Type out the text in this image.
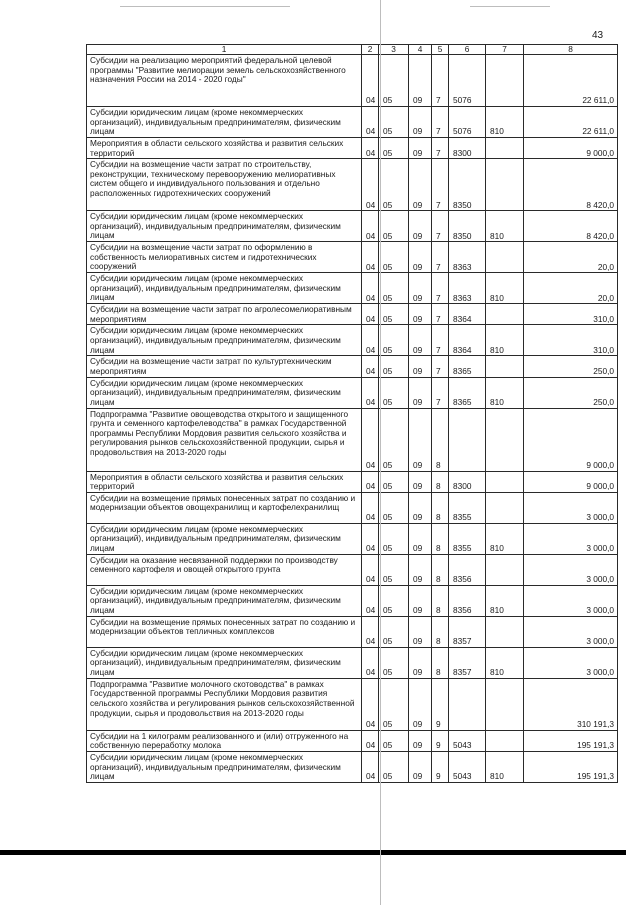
43
1	2	3	4	5	6	7	8
Субсидии на реализацию мероприятий федеральной целевой программы "Развитие мелиорации земель сельскохозяйственного назначения России на 2014 - 2020 годы"	04	05	09	7	5076		22 611,0
Субсидии юридическим лицам (кроме некоммерческих организаций), индивидуальным предпринимателям, физическим лицам	04	05	09	7	5076	810	22 611,0
Мероприятия в области сельского хозяйства и развития сельских территорий	04	05	09	7	8300		9 000,0
Субсидии на возмещение части затрат по строительству, реконструкции, техническому перевооружению мелиоративных систем общего и индивидуального пользования и отдельно расположенных гидротехнических сооружений	04	05	09	7	8350		8 420,0
Субсидии юридическим лицам (кроме некоммерческих организаций), индивидуальным предпринимателям, физическим лицам	04	05	09	7	8350	810	8 420,0
Субсидии на возмещение части затрат по оформлению в собственность мелиоративных систем и гидротехнических сооружений	04	05	09	7	8363		20,0
Субсидии юридическим лицам (кроме некоммерческих организаций), индивидуальным предпринимателям, физическим лицам	04	05	09	7	8363	810	20,0
Субсидии на возмещение части затрат по агролесомелиоративным мероприятиям	04	05	09	7	8364		310,0
Субсидии юридическим лицам (кроме некоммерческих организаций), индивидуальным предпринимателям, физическим лицам	04	05	09	7	8364	810	310,0
Субсидии на возмещение части затрат по культуртехническим мероприятиям	04	05	09	7	8365		250,0
Субсидии юридическим лицам (кроме некоммерческих организаций), индивидуальным предпринимателям, физическим лицам	04	05	09	7	8365	810	250,0
Подпрограмма "Развитие овощеводства открытого и защищенного грунта и семенного картофелеводства" в рамках Государственной программы Республики Мордовия развития сельского хозяйства и регулирования рынков сельскохозяйственной продукции, сырья и продовольствия на 2013-2020 годы	04	05	09	8			9 000,0
Мероприятия в области сельского хозяйства и развития сельских территорий	04	05	09	8	8300		9 000,0
Субсидии на возмещение прямых понесенных затрат по созданию и модернизации объектов овощехранилищ и картофелехранилищ	04	05	09	8	8355		3 000,0
Субсидии юридическим лицам (кроме некоммерческих организаций), индивидуальным предпринимателям, физическим лицам	04	05	09	8	8355	810	3 000,0
Субсидии на оказание несвязанной поддержки по производству семенного картофеля и овощей открытого грунта	04	05	09	8	8356		3 000,0
Субсидии юридическим лицам (кроме некоммерческих организаций), индивидуальным предпринимателям, физическим лицам	04	05	09	8	8356	810	3 000,0
Субсидии на возмещение прямых понесенных затрат по созданию и модернизации объектов тепличных комплексов	04	05	09	8	8357		3 000,0
Субсидии юридическим лицам (кроме некоммерческих организаций), индивидуальным предпринимателям, физическим лицам	04	05	09	8	8357	810	3 000,0
Подпрограмма "Развитие молочного скотоводства" в рамках Государственной программы Республики Мордовия развития сельского хозяйства и регулирования рынков сельскохозяйственной продукции, сырья и продовольствия на 2013-2020 годы	04	05	09	9			310 191,3
Субсидии на 1 килограмм реализованного и (или) отгруженного на собственную переработку молока	04	05	09	9	5043		195 191,3
Субсидии юридическим лицам (кроме некоммерческих организаций), индивидуальным предпринимателям, физическим лицам	04	05	09	9	5043	810	195 191,3
